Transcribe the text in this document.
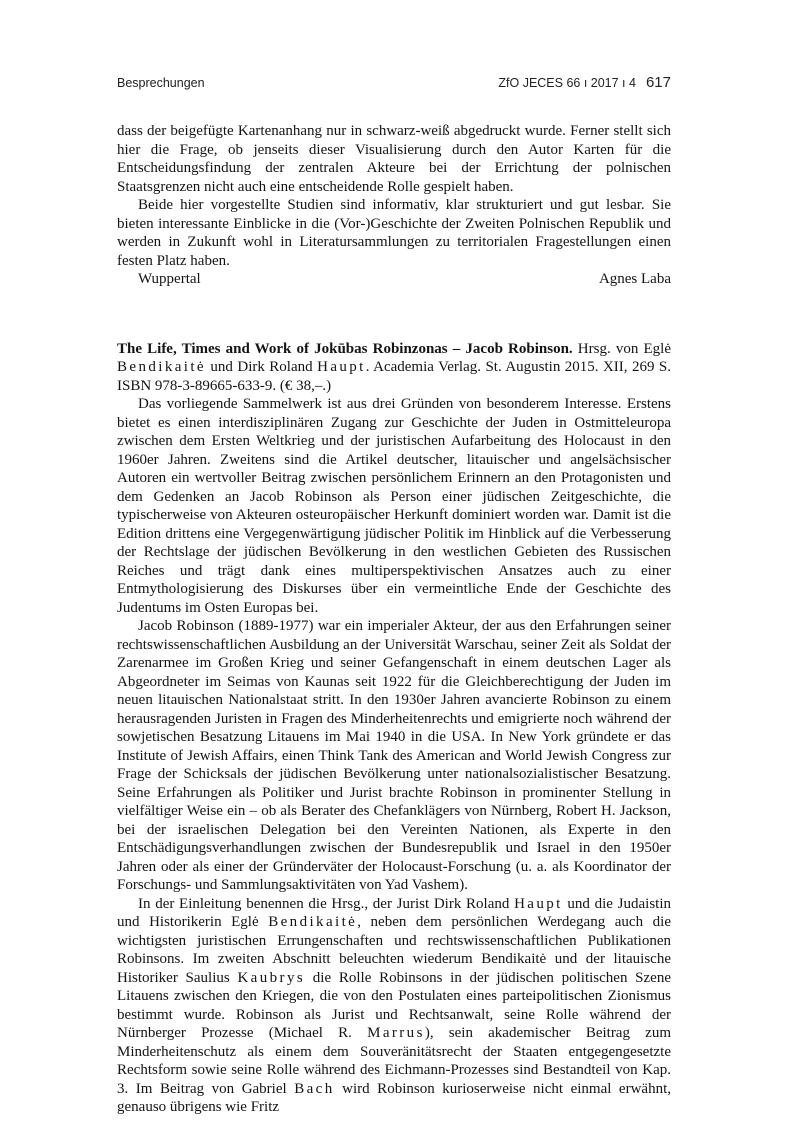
Besprechungen	ZfO JECES 66 ı 2017 ı 4 617

dass der beigefügte Kartenanhang nur in schwarz-weiß abgedruckt wurde. Ferner stellt sich hier die Frage, ob jenseits dieser Visualisierung durch den Autor Karten für die Entscheidungsfindung der zentralen Akteure bei der Errichtung der polnischen Staatsgrenzen nicht auch eine entscheidende Rolle gespielt haben.

Beide hier vorgestellte Studien sind informativ, klar strukturiert und gut lesbar. Sie bieten interessante Einblicke in die (Vor-)Geschichte der Zweiten Polnischen Republik und werden in Zukunft wohl in Literatursammlungen zu territorialen Fragestellungen einen festen Platz haben.

Wuppertal	Agnes Laba

The Life, Times and Work of Jokūbas Robinzonas – Jacob Robinson. Hrsg. von Eglė Bendikaitė und Dirk Roland Haupt. Academia Verlag. St. Augustin 2015. XII, 269 S. ISBN 978-3-89665-633-9. (€ 38,–.)

Das vorliegende Sammelwerk ist aus drei Gründen von besonderem Interesse. Erstens bietet es einen interdisziplinären Zugang zur Geschichte der Juden in Ostmitteleuropa zwischen dem Ersten Weltkrieg und der juristischen Aufarbeitung des Holocaust in den 1960er Jahren. Zweitens sind die Artikel deutscher, litauischer und angelsächsischer Autoren ein wertvoller Beitrag zwischen persönlichem Erinnern an den Protagonisten und dem Gedenken an Jacob Robinson als Person einer jüdischen Zeitgeschichte, die typischerweise von Akteuren osteuropäischer Herkunft dominiert worden war. Damit ist die Edition drittens eine Vergegenwärtigung jüdischer Politik im Hinblick auf die Verbesserung der Rechtslage der jüdischen Bevölkerung in den westlichen Gebieten des Russischen Reiches und trägt dank eines multiperspektivischen Ansatzes auch zu einer Entmythologisierung des Diskurses über ein vermeintliche Ende der Geschichte des Judentums im Osten Europas bei.

Jacob Robinson (1889-1977) war ein imperialer Akteur, der aus den Erfahrungen seiner rechtswissenschaftlichen Ausbildung an der Universität Warschau, seiner Zeit als Soldat der Zarenarmee im Großen Krieg und seiner Gefangenschaft in einem deutschen Lager als Abgeordneter im Seimas von Kaunas seit 1922 für die Gleichberechtigung der Juden im neuen litauischen Nationalstaat stritt. In den 1930er Jahren avancierte Robinson zu einem herausragenden Juristen in Fragen des Minderheitenrechts und emigrierte noch während der sowjetischen Besatzung Litauens im Mai 1940 in die USA. In New York gründete er das Institute of Jewish Affairs, einen Think Tank des American and World Jewish Congress zur Frage der Schicksals der jüdischen Bevölkerung unter nationalsozialistischer Besatzung. Seine Erfahrungen als Politiker und Jurist brachte Robinson in prominenter Stellung in vielfältiger Weise ein – ob als Berater des Chefanklägers von Nürnberg, Robert H. Jackson, bei der israelischen Delegation bei den Vereinten Nationen, als Experte in den Entschädigungsverhandlungen zwischen der Bundesrepublik und Israel in den 1950er Jahren oder als einer der Gründerväter der Holocaust-Forschung (u. a. als Koordinator der Forschungs- und Sammlungsaktivitäten von Yad Vashem).

In der Einleitung benennen die Hrsg., der Jurist Dirk Roland Haupt und die Judaistin und Historikerin Eglė Bendikaitė, neben dem persönlichen Werdegang auch die wichtigsten juristischen Errungenschaften und rechtswissenschaftlichen Publikationen Robinsons. Im zweiten Abschnitt beleuchten wiederum Bendikaitė und der litauische Historiker Saulius Kaubrys die Rolle Robinsons in der jüdischen politischen Szene Litauens zwischen den Kriegen, die von den Postulaten eines parteipolitischen Zionismus bestimmt wurde. Robinson als Jurist und Rechtsanwalt, seine Rolle während der Nürnberger Prozesse (Michael R. Marrus), sein akademischer Beitrag zum Minderheitenschutz als einem dem Souveränitätsrecht der Staaten entgegengesetzte Rechtsform sowie seine Rolle während des Eichmann-Prozesses sind Bestandteil von Kap. 3. Im Beitrag von Gabriel Bach wird Robinson kurioserweise nicht einmal erwähnt, genauso übrigens wie Fritz
